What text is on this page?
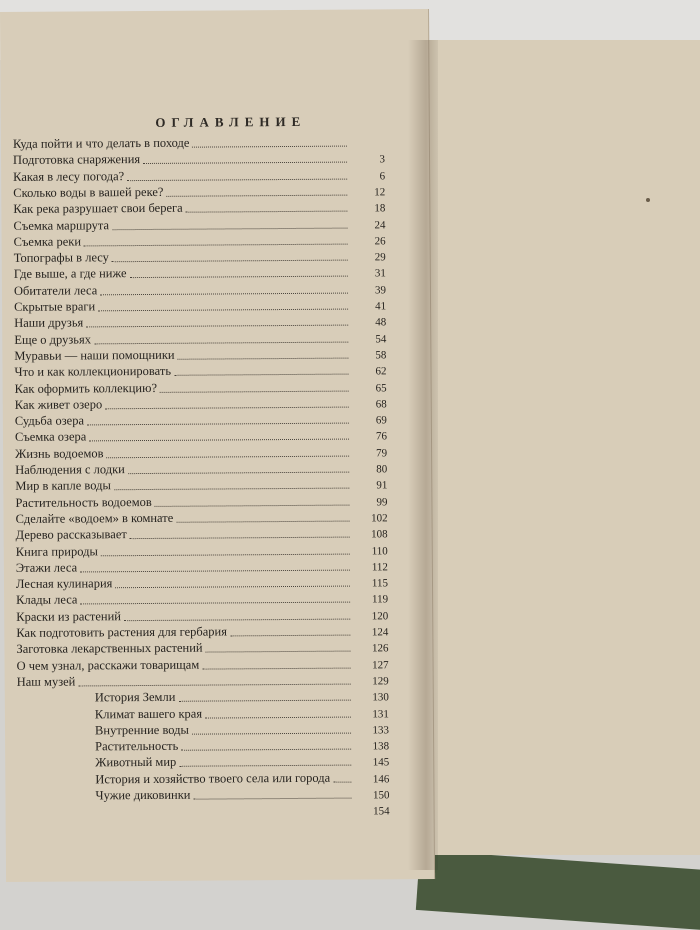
ОГЛАВЛЕНИЕ
Куда пойти и что делать в походе
Подготовка снаряжения	3
Какая в лесу погода?	6
Сколько воды в вашей реке?	12
Как река разрушает свои берега	18
Съемка маршрута	24
Съемка реки	26
Топографы в лесу	29
Где выше, а где ниже	31
Обитатели леса	39
Скрытые враги	41
Наши друзья	48
Еще о друзьях	54
Муравьи — наши помощники	58
Что и как коллекционировать	62
Как оформить коллекцию?	65
Как живет озеро	68
Судьба озера	69
Съемка озера	76
Жизнь водоемов	79
Наблюдения с лодки	80
Мир в капле воды	91
Растительность водоемов	99
Сделайте «водоем» в комнате	102
Дерево рассказывает	108
Книга природы	110
Этажи леса	112
Лесная кулинария	115
Клады леса	119
Краски из растений	120
Как подготовить растения для гербария	124
Заготовка лекарственных растений	126
О чем узнал, расскажи товарищам	127
Наш музей	129
История Земли	130
Климат вашего края	131
Внутренние воды	133
Растительность	138
Животный мир	145
История и хозяйство твоего села или города	146
Чужие диковинки	150
154
